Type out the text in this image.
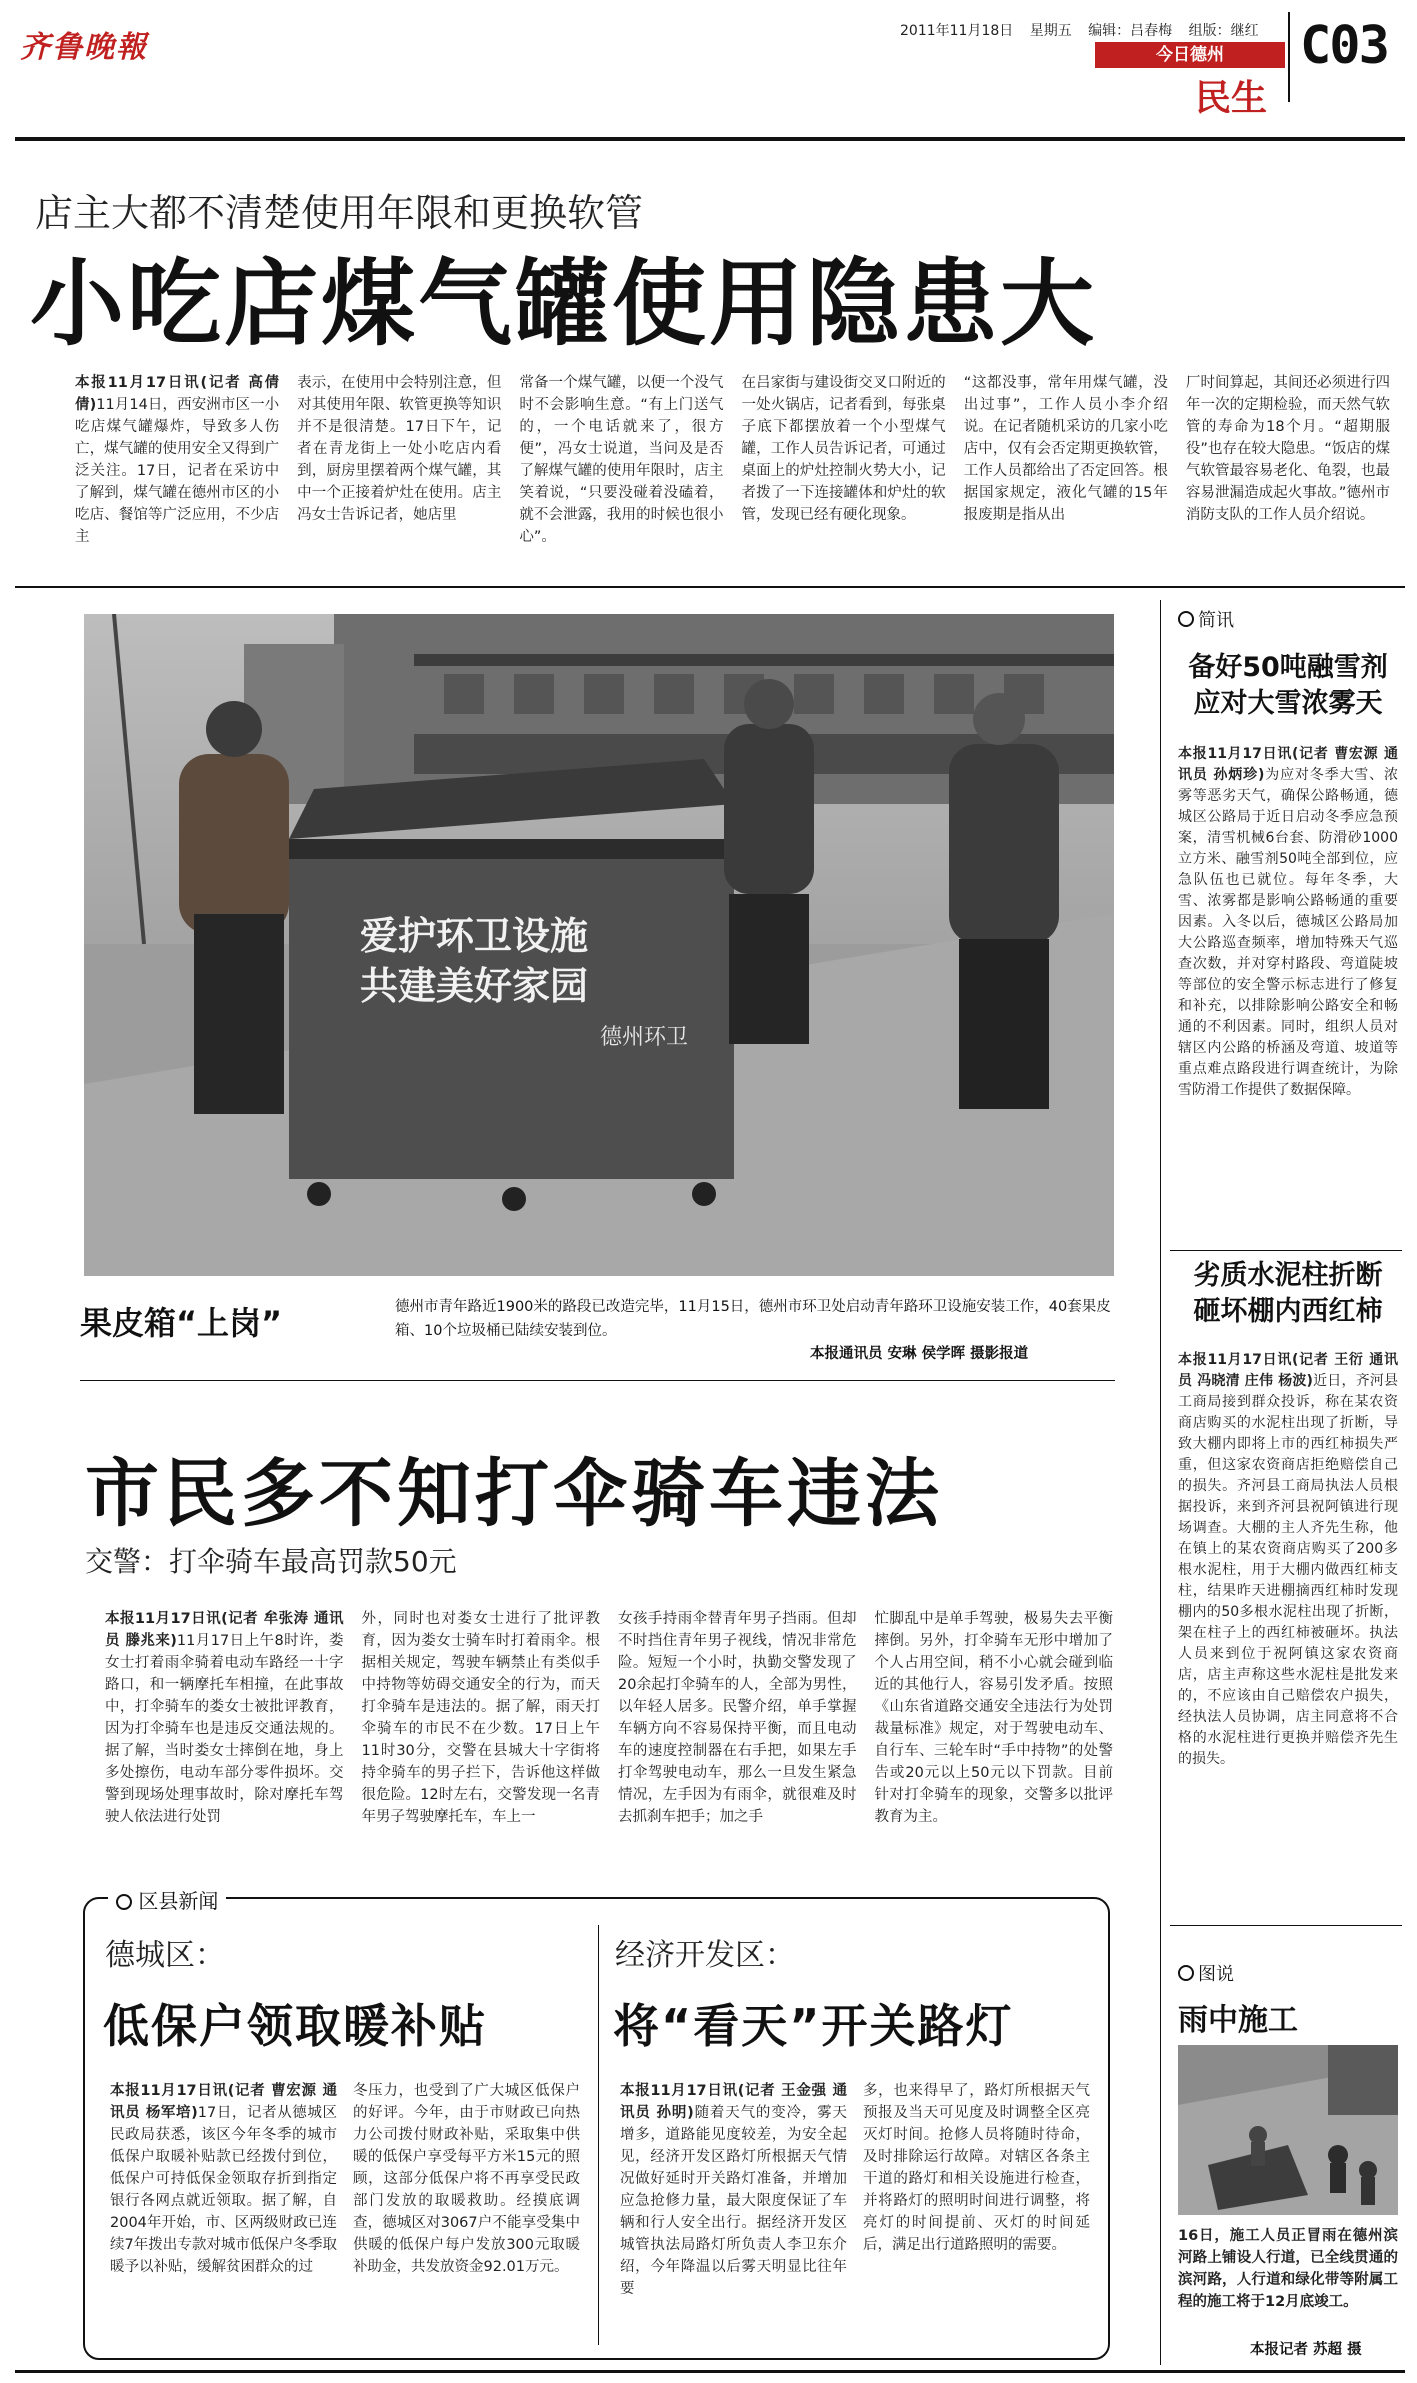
齐鲁晚報	2011年11月18日 星期五 编辑：吕春梅 组版：继红
今日德州
民生
C03
店主大都不清楚使用年限和更换软管
小吃店煤气罐使用隐患大
本报11月17日讯(记者 高倩倩)11月14日，西安洲市区一小吃店煤气罐爆炸，导致多人伤亡，煤气罐的使用安全又得到广泛关注。17日，记者在采访中了解到，煤气罐在德州市区的小吃店、餐馆等广泛应用，不少店主
表示，在使用中会特别注意，但对其使用年限、软管更换等知识并不是很清楚。17日下午，记者在青龙街上一处小吃店内看到，厨房里摆着两个煤气罐，其中一个正接着炉灶在使用。店主冯女士告诉记者，她店里
常备一个煤气罐，以便一个没气时不会影响生意。“有上门送气的，一个电话就来了，很方便”，冯女士说道，当问及是否了解煤气罐的使用年限时，店主笑着说，“只要没碰着没磕着，就不会泄露，我用的时候也很小心”。
在吕家街与建设街交叉口附近的一处火锅店，记者看到，每张桌子底下都摆放着一个小型煤气罐，工作人员告诉记者，可通过桌面上的炉灶控制火势大小，记者拨了一下连接罐体和炉灶的软管，发现已经有硬化现象。
“这都没事，常年用煤气罐，没出过事”，工作人员小李介绍说。在记者随机采访的几家小吃店中，仅有会否定期更换软管，工作人员都给出了否定回答。根据国家规定，液化气罐的15年报废期是指从出
厂时间算起，其间还必须进行四年一次的定期检验，而天然气软管的寿命为18个月。“超期服役”也存在较大隐患。“饭店的煤气软管最容易老化、龟裂，也最容易泄漏造成起火事故。”德州市消防支队的工作人员介绍说。
爱护环卫设施
共建美好家园
德州环卫
果皮箱“上岗”	德州市青年路近1900米的路段已改造完毕，11月15日，德州市环卫处启动青年路环卫设施安装工作，40套果皮箱、10个垃圾桶已陆续安装到位。
本报通讯员 安琳 侯学晖 摄影报道
市民多不知打伞骑车违法
交警：打伞骑车最高罚款50元
本报11月17日讯(记者 牟张涛 通讯员 滕兆来)11月17日上午8时许，娄女士打着雨伞骑着电动车路经一十字路口，和一辆摩托车相撞，在此事故中，打伞骑车的娄女士被批评教育，因为打伞骑车也是违反交通法规的。据了解，当时娄女士摔倒在地，身上多处擦伤，电动车部分零件损坏。交警到现场处理事故时，除对摩托车驾驶人依法进行处罚
外，同时也对娄女士进行了批评教育，因为娄女士骑车时打着雨伞。根据相关规定，驾驶车辆禁止有类似手中持物等妨碍交通安全的行为，而天打伞骑车是违法的。据了解，雨天打伞骑车的市民不在少数。17日上午11时30分，交警在县城大十字街将持伞骑车的男子拦下，告诉他这样做很危险。12时左右，交警发现一名青年男子驾驶摩托车，车上一
女孩手持雨伞替青年男子挡雨。但却不时挡住青年男子视线，情况非常危险。短短一个小时，执勤交警发现了20余起打伞骑车的人，全部为男性，以年轻人居多。民警介绍，单手掌握车辆方向不容易保持平衡，而且电动车的速度控制器在右手把，如果左手打伞驾驶电动车，那么一旦发生紧急情况，左手因为有雨伞，就很难及时去抓刹车把手；加之手
忙脚乱中是单手驾驶，极易失去平衡摔倒。另外，打伞骑车无形中增加了个人占用空间，稍不小心就会碰到临近的其他行人，容易引发矛盾。按照《山东省道路交通安全违法行为处罚裁量标准》规定，对于驾驶电动车、自行车、三轮车时“手中持物”的处警告或20元以上50元以下罚款。目前针对打伞骑车的现象，交警多以批评教育为主。
区县新闻
德城区：
低保户领取暖补贴
本报11月17日讯(记者 曹宏源 通讯员 杨军培)17日，记者从德城区民政局获悉，该区今年冬季的城市低保户取暖补贴款已经拨付到位，低保户可持低保金领取存折到指定银行各网点就近领取。据了解，自2004年开始，市、区两级财政已连续7年拨出专款对城市低保户冬季取暖予以补贴，缓解贫困群众的过
冬压力，也受到了广大城区低保户的好评。今年，由于市财政已向热力公司拨付财政补贴，采取集中供暖的低保户享受每平方米15元的照顾，这部分低保户将不再享受民政部门发放的取暖救助。经摸底调查，德城区对3067户不能享受集中供暖的低保户每户发放300元取暖补助金，共发放资金92.01万元。
经济开发区：
将“看天”开关路灯
本报11月17日讯(记者 王金强 通讯员 孙明)随着天气的变冷，雾天增多，道路能见度较差，为安全起见，经济开发区路灯所根据天气情况做好延时开关路灯准备，并增加应急抢修力量，最大限度保证了车辆和行人安全出行。据经济开发区城管执法局路灯所负责人李卫东介绍，今年降温以后雾天明显比往年要
多，也来得早了，路灯所根据天气预报及当天可见度及时调整全区亮灭灯时间。抢修人员将随时待命，及时排除运行故障。对辖区各条主干道的路灯和相关设施进行检查，并将路灯的照明时间进行调整，将亮灯的时间提前、灭灯的时间延后，满足出行道路照明的需要。
简讯
备好50吨融雪剂
应对大雪浓雾天
本报11月17日讯(记者 曹宏源 通讯员 孙炳珍)为应对冬季大雪、浓雾等恶劣天气，确保公路畅通，德城区公路局于近日启动冬季应急预案，清雪机械6台套、防滑砂1000立方米、融雪剂50吨全部到位，应急队伍也已就位。每年冬季，大雪、浓雾都是影响公路畅通的重要因素。入冬以后，德城区公路局加大公路巡查频率，增加特殊天气巡查次数，并对穿村路段、弯道陡坡等部位的安全警示标志进行了修复和补充，以排除影响公路安全和畅通的不利因素。同时，组织人员对辖区内公路的桥涵及弯道、坡道等重点难点路段进行调查统计，为除雪防滑工作提供了数据保障。
劣质水泥柱折断
砸坏棚内西红柿
本报11月17日讯(记者 王衍 通讯员 冯晓清 庄伟 杨波)近日，齐河县工商局接到群众投诉，称在某农资商店购买的水泥柱出现了折断，导致大棚内即将上市的西红柿损失严重，但这家农资商店拒绝赔偿自己的损失。齐河县工商局执法人员根据投诉，来到齐河县祝阿镇进行现场调查。大棚的主人齐先生称，他在镇上的某农资商店购买了200多根水泥柱，用于大棚内做西红柿支柱，结果昨天进棚摘西红柿时发现棚内的50多根水泥柱出现了折断，架在柱子上的西红柿被砸坏。执法人员来到位于祝阿镇这家农资商店，店主声称这些水泥柱是批发来的，不应该由自己赔偿农户损失，经执法人员协调，店主同意将不合格的水泥柱进行更换并赔偿齐先生的损失。
图说
雨中施工
16日，施工人员正冒雨在德州滨河路上铺设人行道，已全线贯通的滨河路，人行道和绿化带等附属工程的施工将于12月底竣工。
本报记者 苏超 摄
